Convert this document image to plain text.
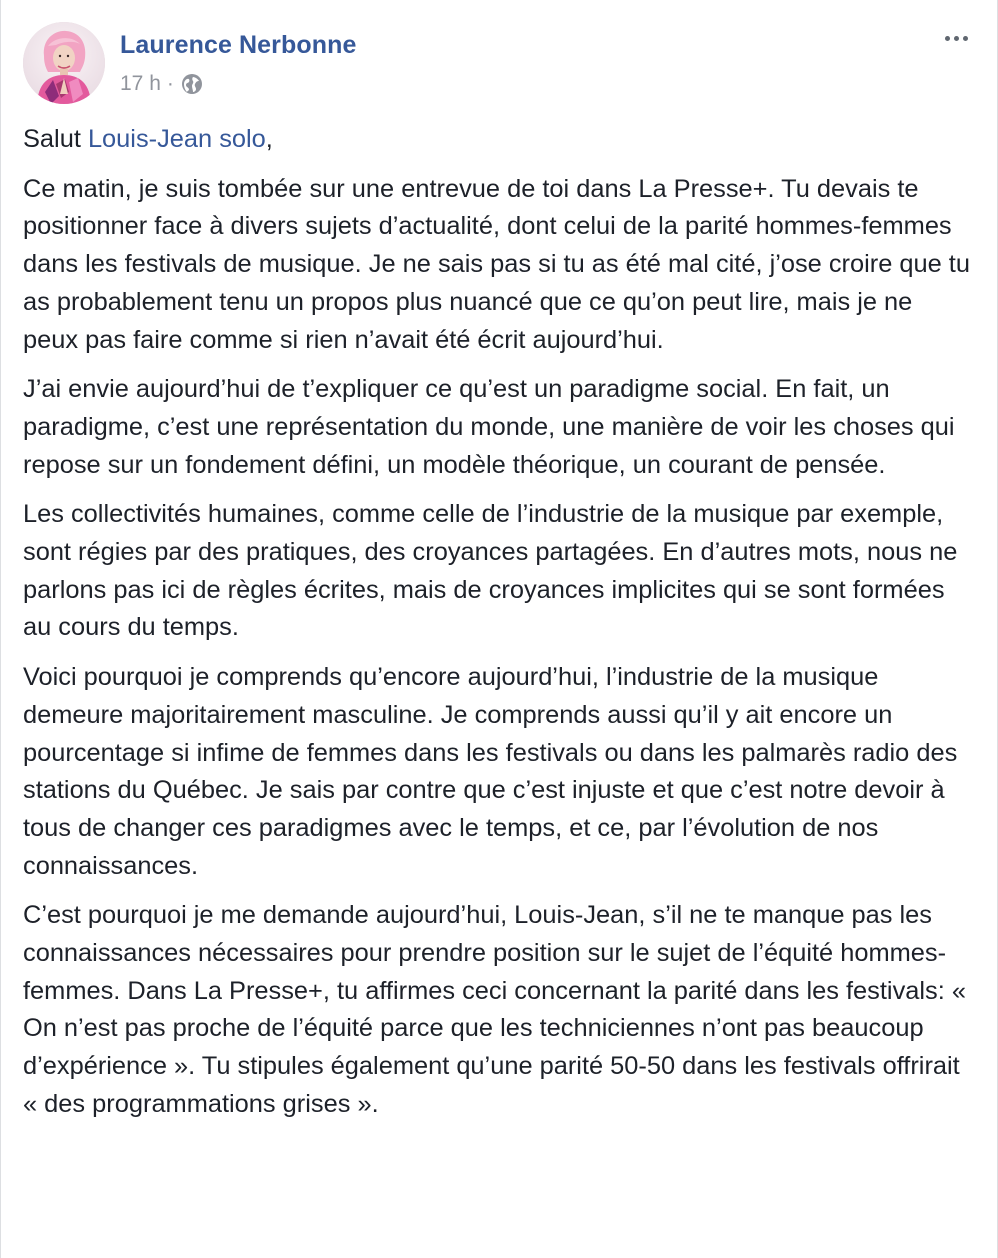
Laurence Nerbonne
17 h ·

Salut Louis-Jean solo,

Ce matin, je suis tombée sur une entrevue de toi dans La Presse+. Tu devais te positionner face à divers sujets d’actualité, dont celui de la parité hommes-femmes dans les festivals de musique. Je ne sais pas si tu as été mal cité, j’ose croire que tu as probablement tenu un propos plus nuancé que ce qu’on peut lire, mais je ne peux pas faire comme si rien n’avait été écrit aujourd’hui.

J’ai envie aujourd’hui de t’expliquer ce qu’est un paradigme social. En fait, un paradigme, c’est une représentation du monde, une manière de voir les choses qui repose sur un fondement défini, un modèle théorique, un courant de pensée.

Les collectivités humaines, comme celle de l’industrie de la musique par exemple, sont régies par des pratiques, des croyances partagées. En d’autres mots, nous ne parlons pas ici de règles écrites, mais de croyances implicites qui se sont formées au cours du temps.

Voici pourquoi je comprends qu’encore aujourd’hui, l’industrie de la musique demeure majoritairement masculine. Je comprends aussi qu’il y ait encore un pourcentage si infime de femmes dans les festivals ou dans les palmarès radio des stations du Québec. Je sais par contre que c’est injuste et que c’est notre devoir à tous de changer ces paradigmes avec le temps, et ce, par l’évolution de nos connaissances.

C’est pourquoi je me demande aujourd’hui, Louis-Jean, s’il ne te manque pas les connaissances nécessaires pour prendre position sur le sujet de l’équité hommes-femmes. Dans La Presse+, tu affirmes ceci concernant la parité dans les festivals: « On n’est pas proche de l’équité parce que les techniciennes n’ont pas beaucoup d’expérience ». Tu stipules également qu’une parité 50-50 dans les festivals offrirait « des programmations grises ».
